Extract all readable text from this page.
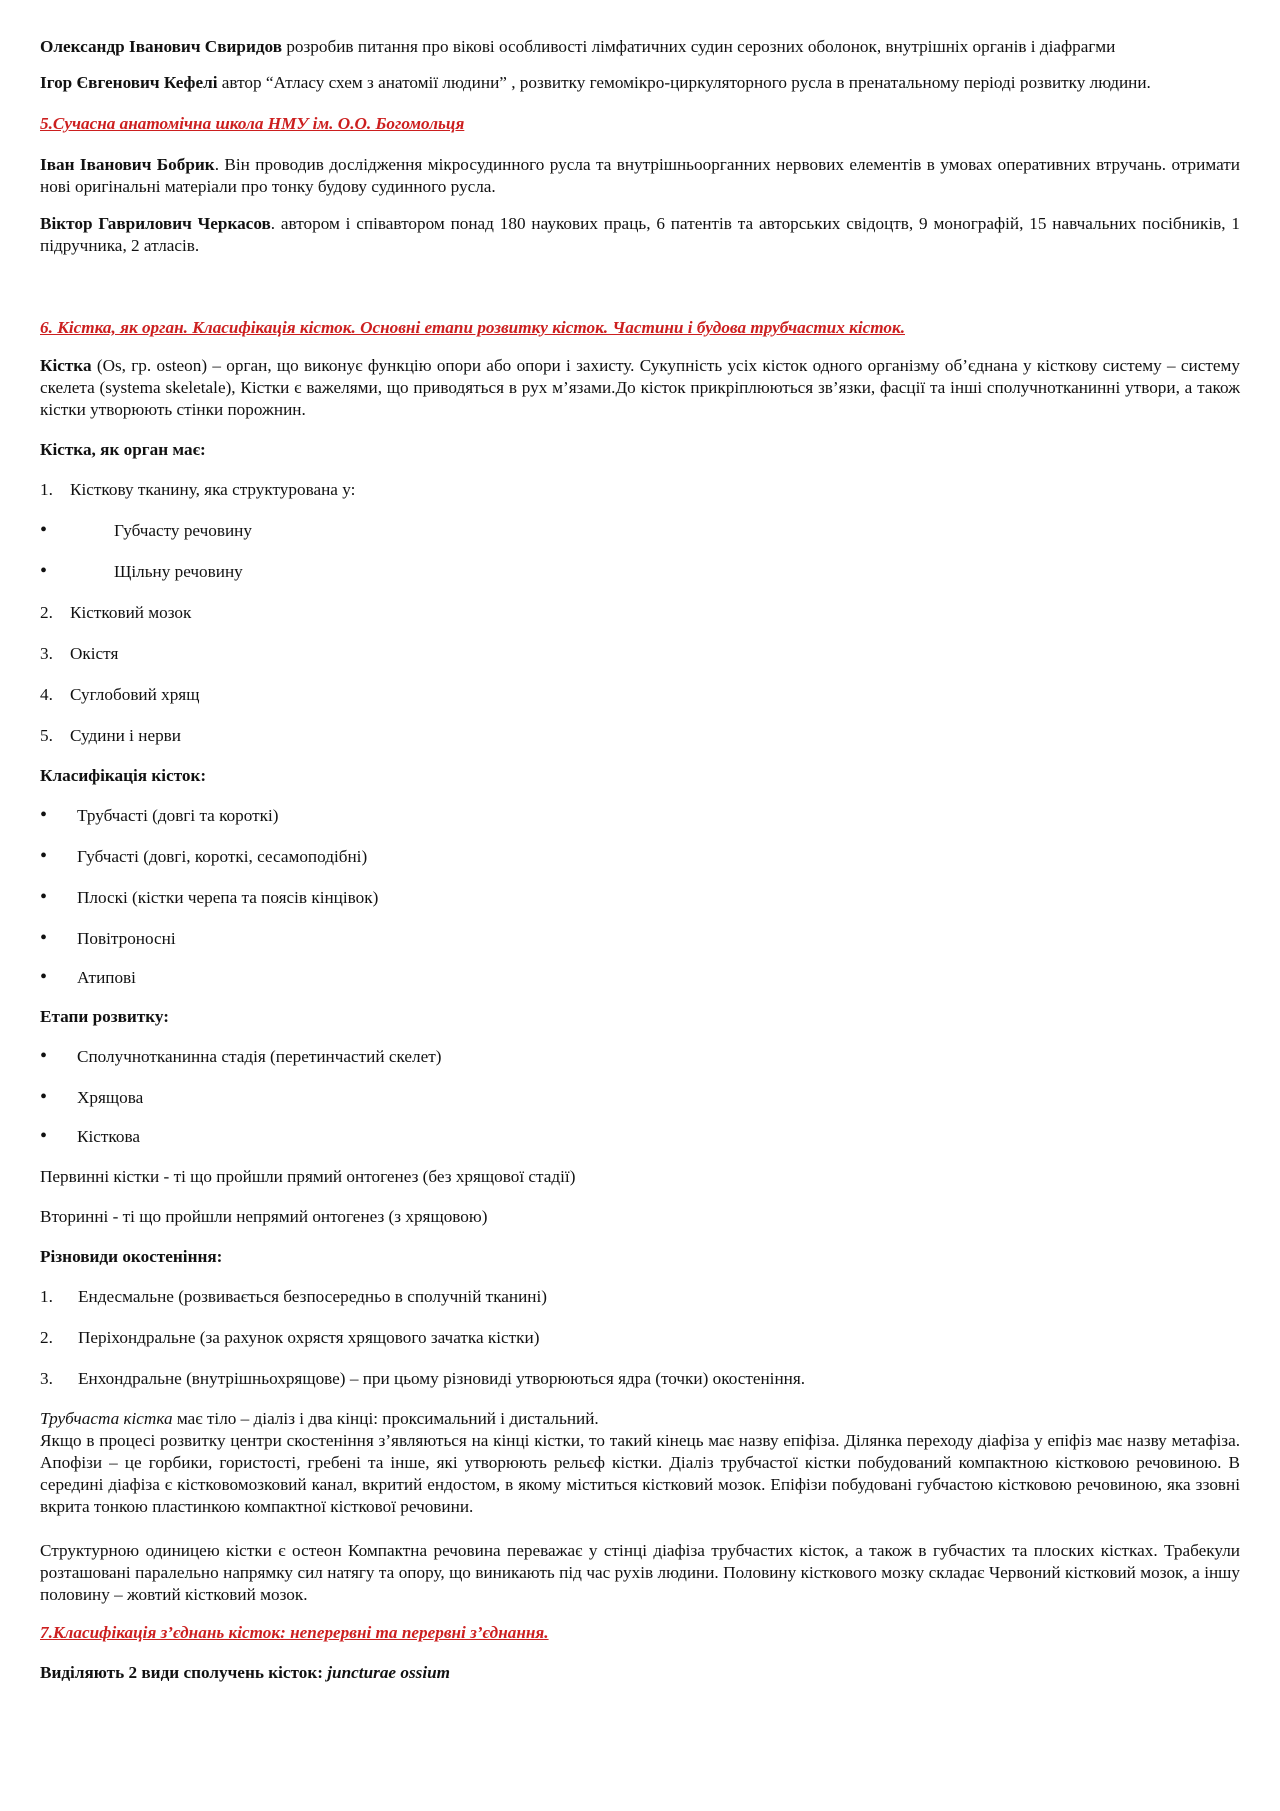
Олександр Іванович Свиридов розробив питання про вікові особливості лімфатичних судин серозних оболонок, внутрішніх органів і діафрагми

Ігор Євгенович Кефелі автор “Атласу схем з анатомії людини” , розвитку гемомікро-циркуляторного русла в пренатальному періоді розвитку людини.

5.Сучасна анатомічна школа НМУ ім. О.О. Богомольця

Іван Іванович Бобрик. Він проводив дослідження мікросудинного русла та внутрішньоорганних нервових елементів в умовах оперативних втручань. отримати нові оригінальні матеріали про тонку будову судинного русла.

Віктор Гаврилович Черкасов. автором і співавтором понад 180 наукових праць, 6 патентів та авторських свідоцтв, 9 монографій, 15 навчальних посібників, 1 підручника, 2 атласів.

6. Кістка, як орган. Класифікація кісток. Основні етапи розвитку кісток. Частини і будова трубчастих кісток.

Кістка (Os, гр. osteon) – орган, що виконує функцію опори або опори і захисту. Сукупність усіх кісток одного організму об’єднана у кісткову систему – систему скелета (systema skeletale), Кістки є важелями, що приводяться в рух м’язами.До кісток прикріплюються зв’язки, фасції та інші сполучнотканинні утвори, а також кістки утворюють стінки порожнин.

Кістка, як орган має:

1. Кісткову тканину, яка структурована у:

•	Губчасту речовину

•	Щільну речовину

2. Кістковий мозок

3. Окістя

4. Суглобовий хрящ

5. Судини і нерви

Класифікація кісток:

• Трубчасті (довгі та короткі)

• Губчасті (довгі, короткі, сесамоподібні)

• Плоскі (кістки черепа та поясів кінцівок)

• Повітроносні

• Атипові

Етапи розвитку:

• Сполучнотканинна стадія (перетинчастий скелет)

• Хрящова

• Кісткова

Первинні кістки - ті що пройшли прямий онтогенез (без хрящової стадії)

Вторинні - ті що пройшли непрямий онтогенез (з хрящовою)

Різновиди окостеніння:

1. Ендесмальне (розвивається безпосередньо в сполучній тканині)

2. Періхондральне (за рахунок охрястя хрящового зачатка кістки)

3. Енхондральне (внутрішньохрящове) – при цьому різновиді утворюються ядра (точки) окостеніння.

Трубчаста кістка має тіло – діаліз і два кінці: проксимальний і дистальний.

Якщо в процесі розвитку центри скостеніння з’являються на кінці кістки, то такий кінець має назву епіфіза. Ділянка переходу діафіза у епіфіз має назву метафіза. Апофізи – це горбики, гористості, гребені та інше, які утворюють рельєф кістки. Діаліз трубчастої кістки побудований компактною кістковою речовиною. В середині діафіза є кістковомозковий канал, вкритий ендостом, в якому міститься кістковий мозок. Епіфізи побудовані губчастою кістковою речовиною, яка ззовні вкрита тонкою пластинкою компактної кісткової речовини.

Структурною одиницею кістки є остеон Компактна речовина переважає у стінці діафіза трубчастих кісток, а також в губчастих та плоских кістках. Трабекули розташовані паралельно напрямку сил натягу та опору, що виникають під час рухів людини. Половину кісткового мозку складає Червоний кістковий мозок, а іншу половину – жовтий кістковий мозок.

7.Класифікація з’єднань кісток: неперервні та перервні з’єднання.

Виділяють 2 види сполучень кісток: juncturae ossium
